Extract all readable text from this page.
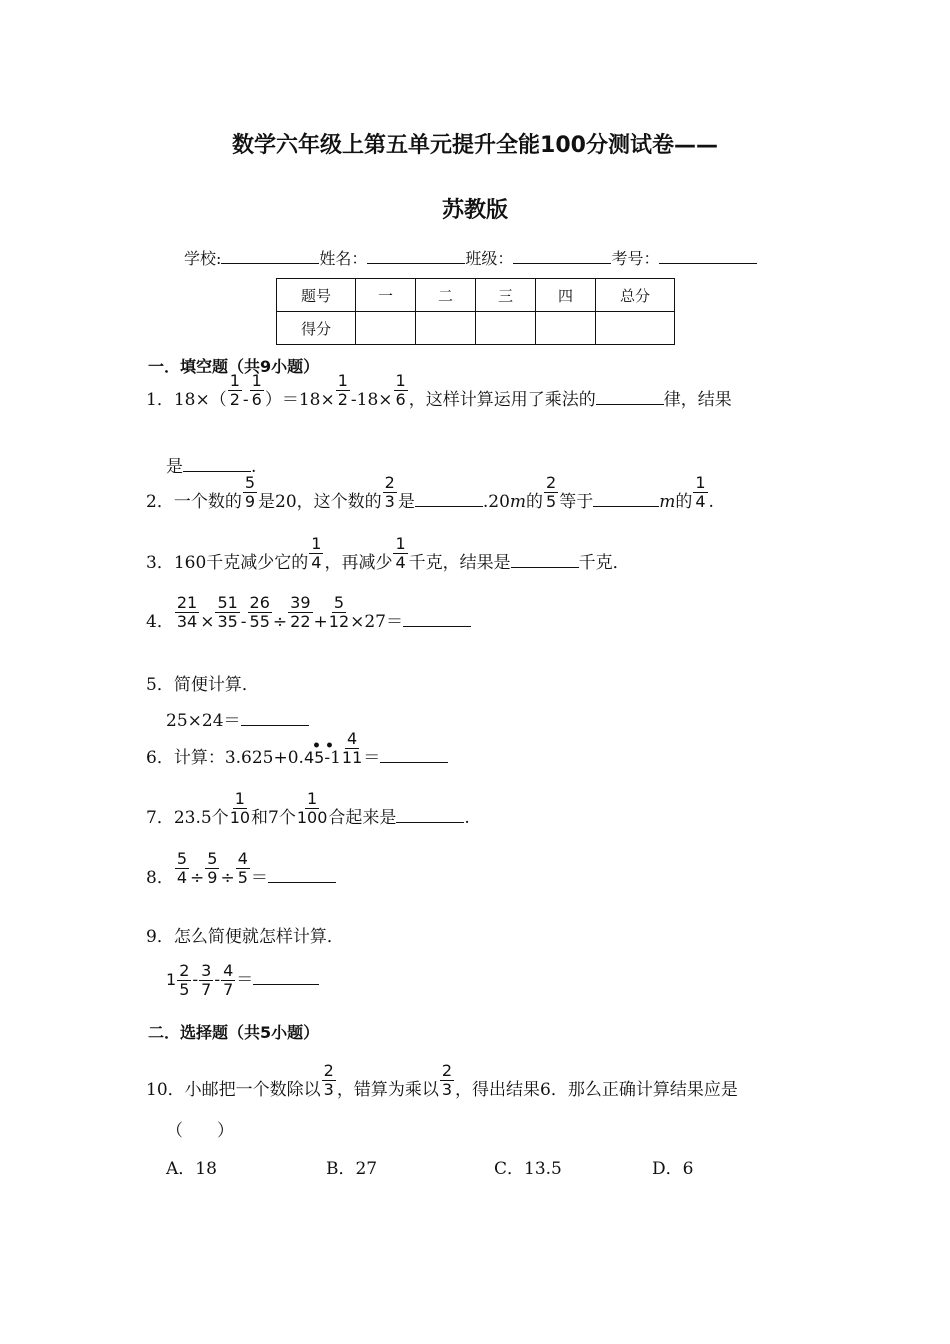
数学六年级上第五单元提升全能100分测试卷——
苏教版
学校:	姓名：	班级：	考号：
题号	一	二	三	四	总分
得分					
一．填空题（共9小题）
1．$18\times( \frac{1}{2} - \frac{1}{6} )=18\times \frac{1}{2} -18\times \frac{1}{6}$ ，这样计算运用了乘法的	律，结果
是	.
2．一个数的 $\frac{5}{9}$ 是20，这个数的 $\frac{2}{3}$ 是	.20m的 $\frac{2}{5}$ 等于	m的 $\frac{1}{4}$ .
3．160千克减少它的 $\frac{1}{4}$ ，再减少 $\frac{1}{4}$ 千克，结果是	千克．
4． $\frac{21}{34} \times \frac{51}{35} - \frac{26}{55} \div \frac{39}{22} + \frac{5}{12} \times 27=$
5．简便计算．
25×24＝
••
6．计算：$3.625+0.45-1 \frac{4}{11}$ ＝
7．23.5个 $\frac{1}{10}$ 和7个 $\frac{1}{100}$ 合起来是	.
8． $\frac{5}{4} \div \frac{5}{9} \div \frac{4}{5}$ ＝
9．怎么简便就怎样计算．
$1 \frac{2}{5} - \frac{3}{7} - \frac{4}{7}$ ＝
二．选择题（共5小题）
10．小邮把一个数除以 $\frac{2}{3}$ ，错算为乘以 $\frac{2}{3}$ ，得出结果6．那么正确计算结果应是
（　　）
A．18	B．27	C．13.5	D．6
